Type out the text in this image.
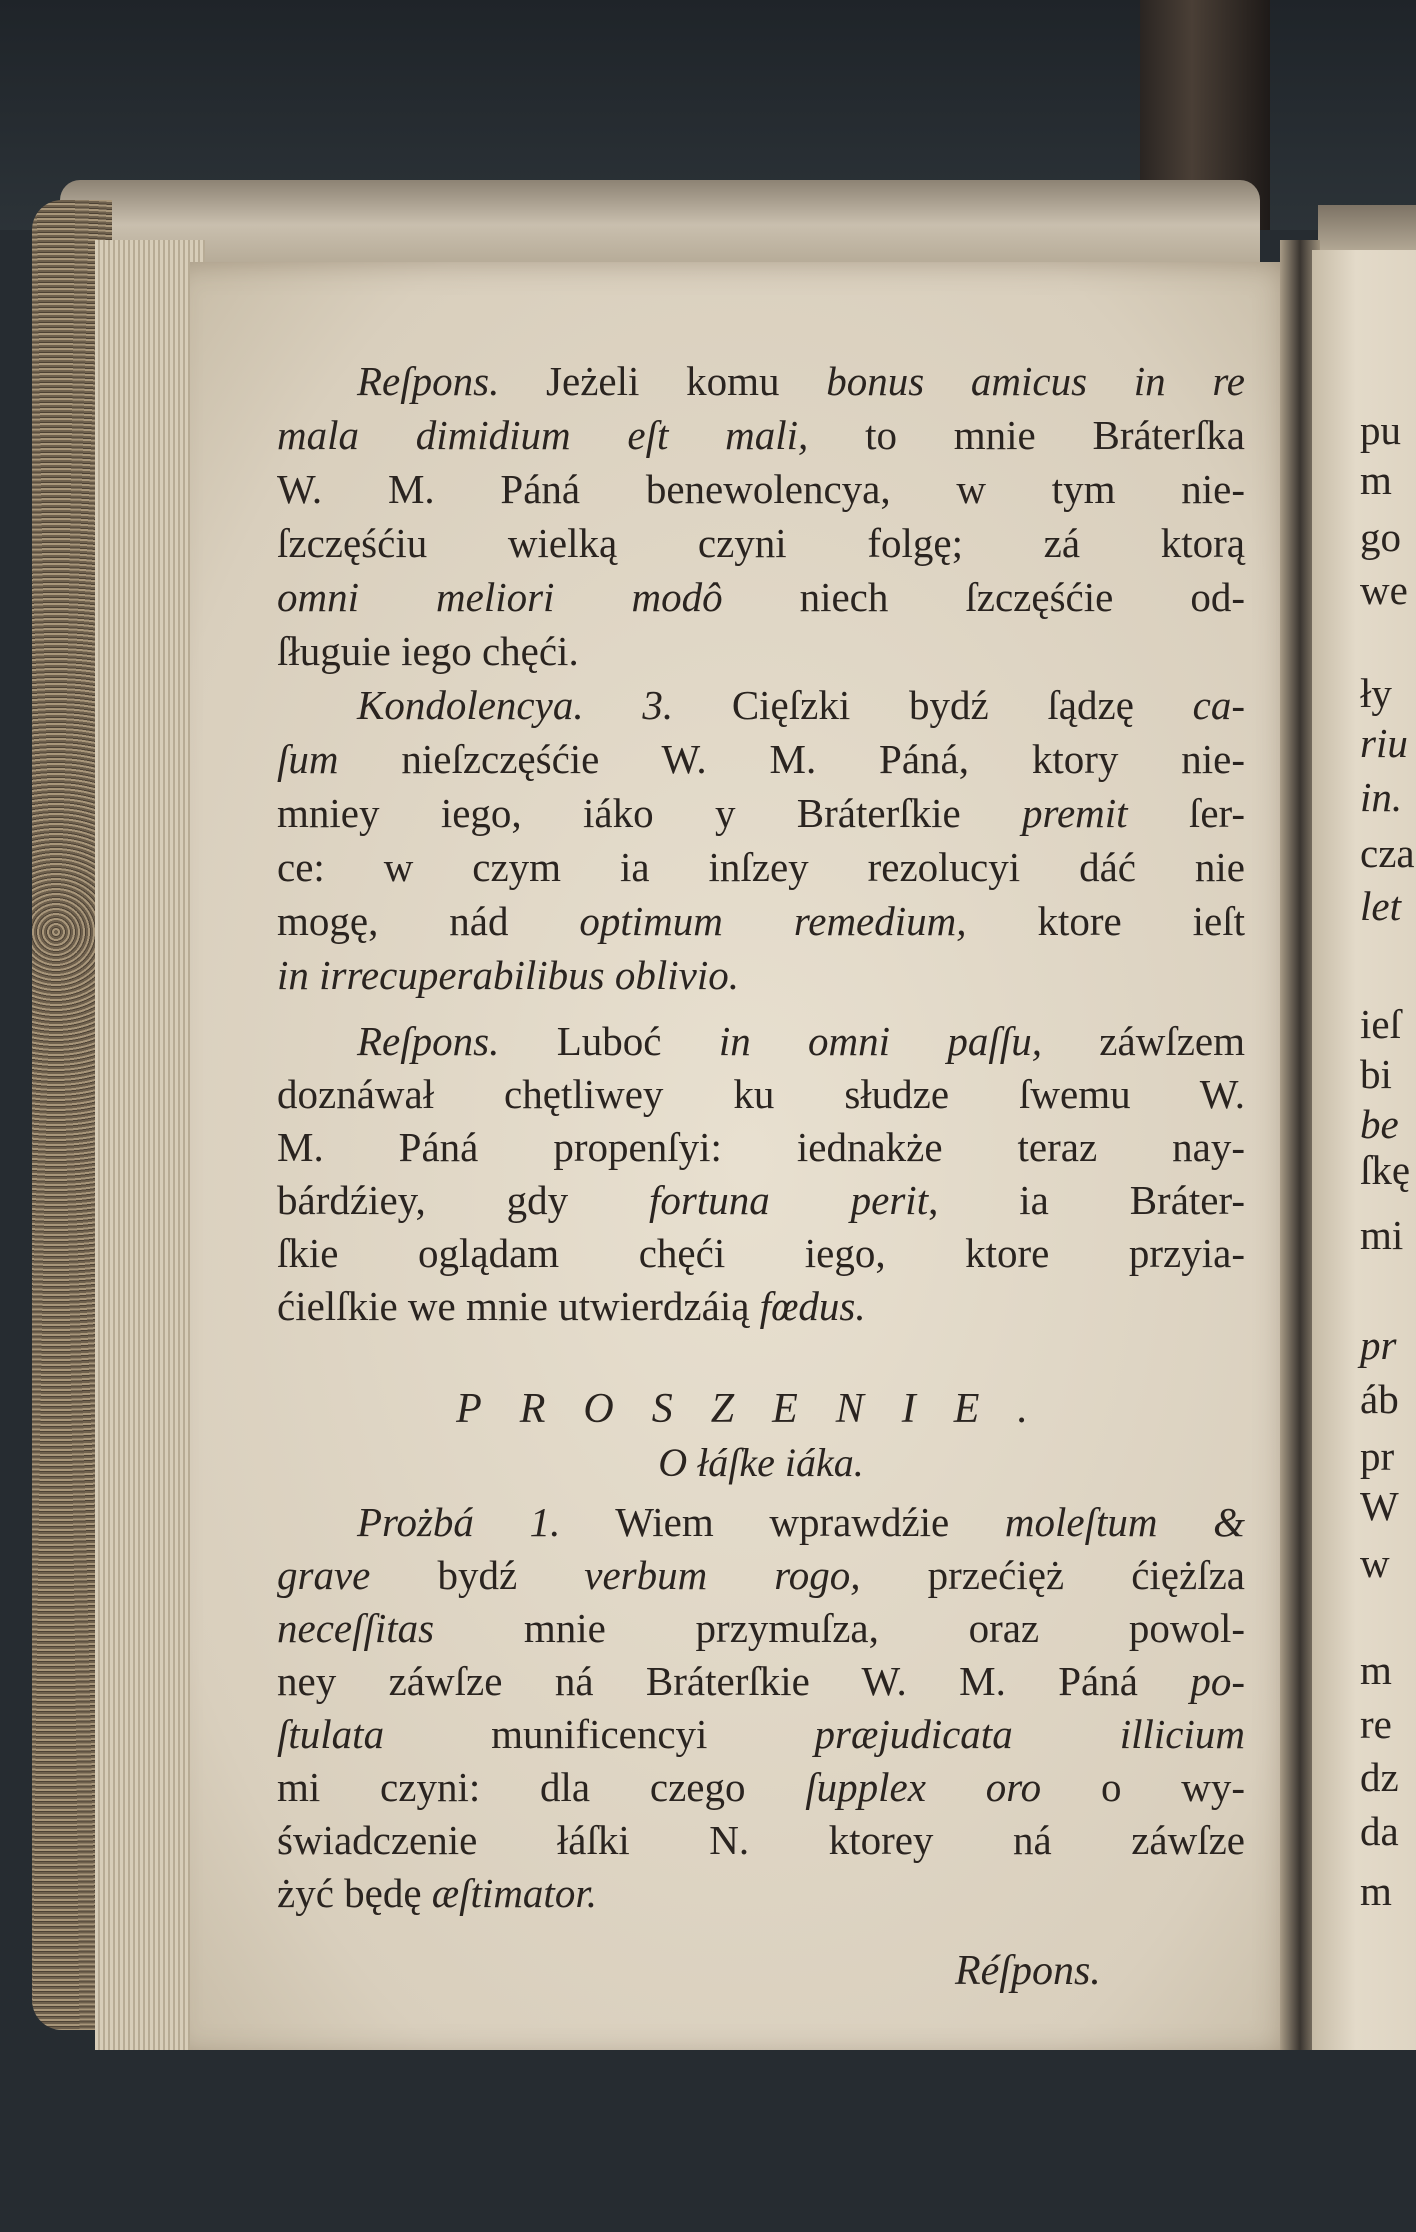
Reſpons. Jeżeli komu bonus amicus in re
mala dimidium eſt mali, to mnie Bráterſka
W. M. Páná benewolencya, w tym nie-
ſzczęśćiu wielką czyni folgę; zá ktorą
omni meliori modô niech ſzczęśćie od-
ſługuie iego chęći.
Kondolencya. 3. Cięſzki bydź ſądzę ca-
ſum nieſzczęśćie W. M. Páná, ktory nie-
mniey iego, iáko y Bráterſkie premit ſer-
ce: w czym ia inſzey rezolucyi dáć nie
mogę, nád optimum remedium, ktore ieſt
in irrecuperabilibus oblivio.
Reſpons. Luboć in omni paſſu, záwſzem
doznáwał chętliwey ku słudze ſwemu W.
M. Páná propenſyi: iednakże teraz nay-
bárdźiey, gdy fortuna perit, ia Bráter-
ſkie oglądam chęći iego, ktore przyia-
ćielſkie we mnie utwierdzáią fœdus.
PROSZENIE.
O łáſke iáka.
Prożbá 1. Wiem wprawdźie moleſtum &
grave bydź verbum rogo, przećięż ćiężſza
neceſſitas mnie przymuſza, oraz powol-
ney záwſze ná Bráterſkie W. M. Páná po-
ſtulata munificencyi præjudicata illicium
mi czyni: dla czego ſupplex oro o wy-
świadczenie łáſki N. ktorey ná záwſze
żyć będę æſtimator.
Réſpons.
pu
m
go
we
ły
riu
in.
cza
let
ieſ
bi
be
ſkę
mi
pr
áb
pr
W
w
m
re
dz
da
m
